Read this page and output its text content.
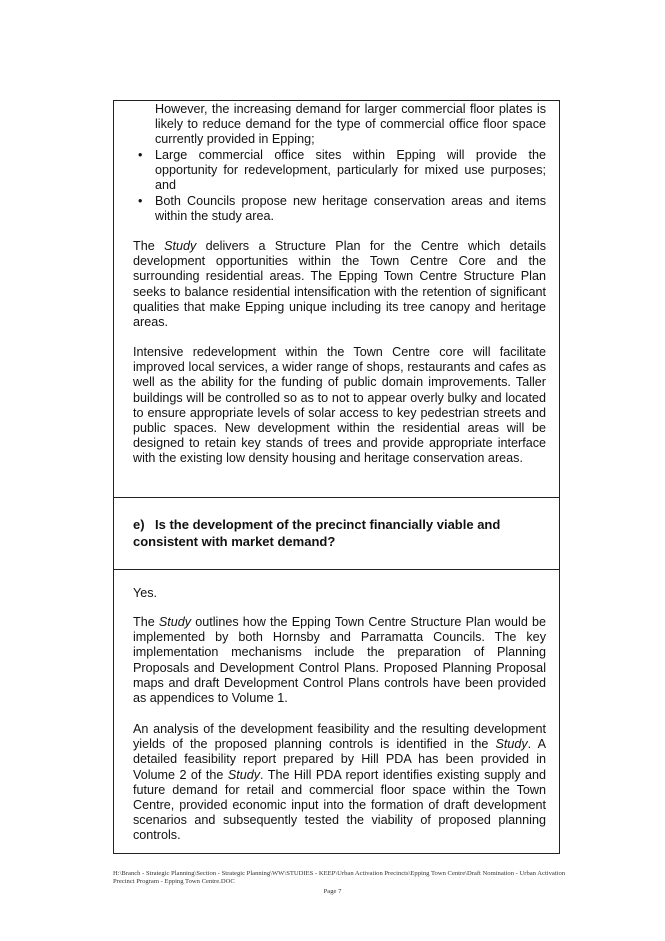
However, the increasing demand for larger commercial floor plates is likely to reduce demand for the type of commercial office floor space currently provided in Epping;

• Large commercial office sites within Epping will provide the opportunity for redevelopment, particularly for mixed use purposes; and
• Both Councils propose new heritage conservation areas and items within the study area.

The Study delivers a Structure Plan for the Centre which details development opportunities within the Town Centre Core and the surrounding residential areas. The Epping Town Centre Structure Plan seeks to balance residential intensification with the retention of significant qualities that make Epping unique including its tree canopy and heritage areas.

Intensive redevelopment within the Town Centre core will facilitate improved local services, a wider range of shops, restaurants and cafes as well as the ability for the funding of public domain improvements. Taller buildings will be controlled so as to not to appear overly bulky and located to ensure appropriate levels of solar access to key pedestrian streets and public spaces. New development within the residential areas will be designed to retain key stands of trees and provide appropriate interface with the existing low density housing and heritage conservation areas.

e) Is the development of the precinct financially viable and consistent with market demand?

Yes.

The Study outlines how the Epping Town Centre Structure Plan would be implemented by both Hornsby and Parramatta Councils. The key implementation mechanisms include the preparation of Planning Proposals and Development Control Plans. Proposed Planning Proposal maps and draft Development Control Plans controls have been provided as appendices to Volume 1.

An analysis of the development feasibility and the resulting development yields of the proposed planning controls is identified in the Study. A detailed feasibility report prepared by Hill PDA has been provided in Volume 2 of the Study. The Hill PDA report identifies existing supply and future demand for retail and commercial floor space within the Town Centre, provided economic input into the formation of draft development scenarios and subsequently tested the viability of proposed planning controls.

H:\Branch - Strategic Planning\Section - Strategic Planning\WW\STUDIES - KEEP\Urban Activation Precincts\Epping Town Centre\Draft Nomination - Urban Activation Precinct Program - Epping Town Centre.DOC
Page 7
